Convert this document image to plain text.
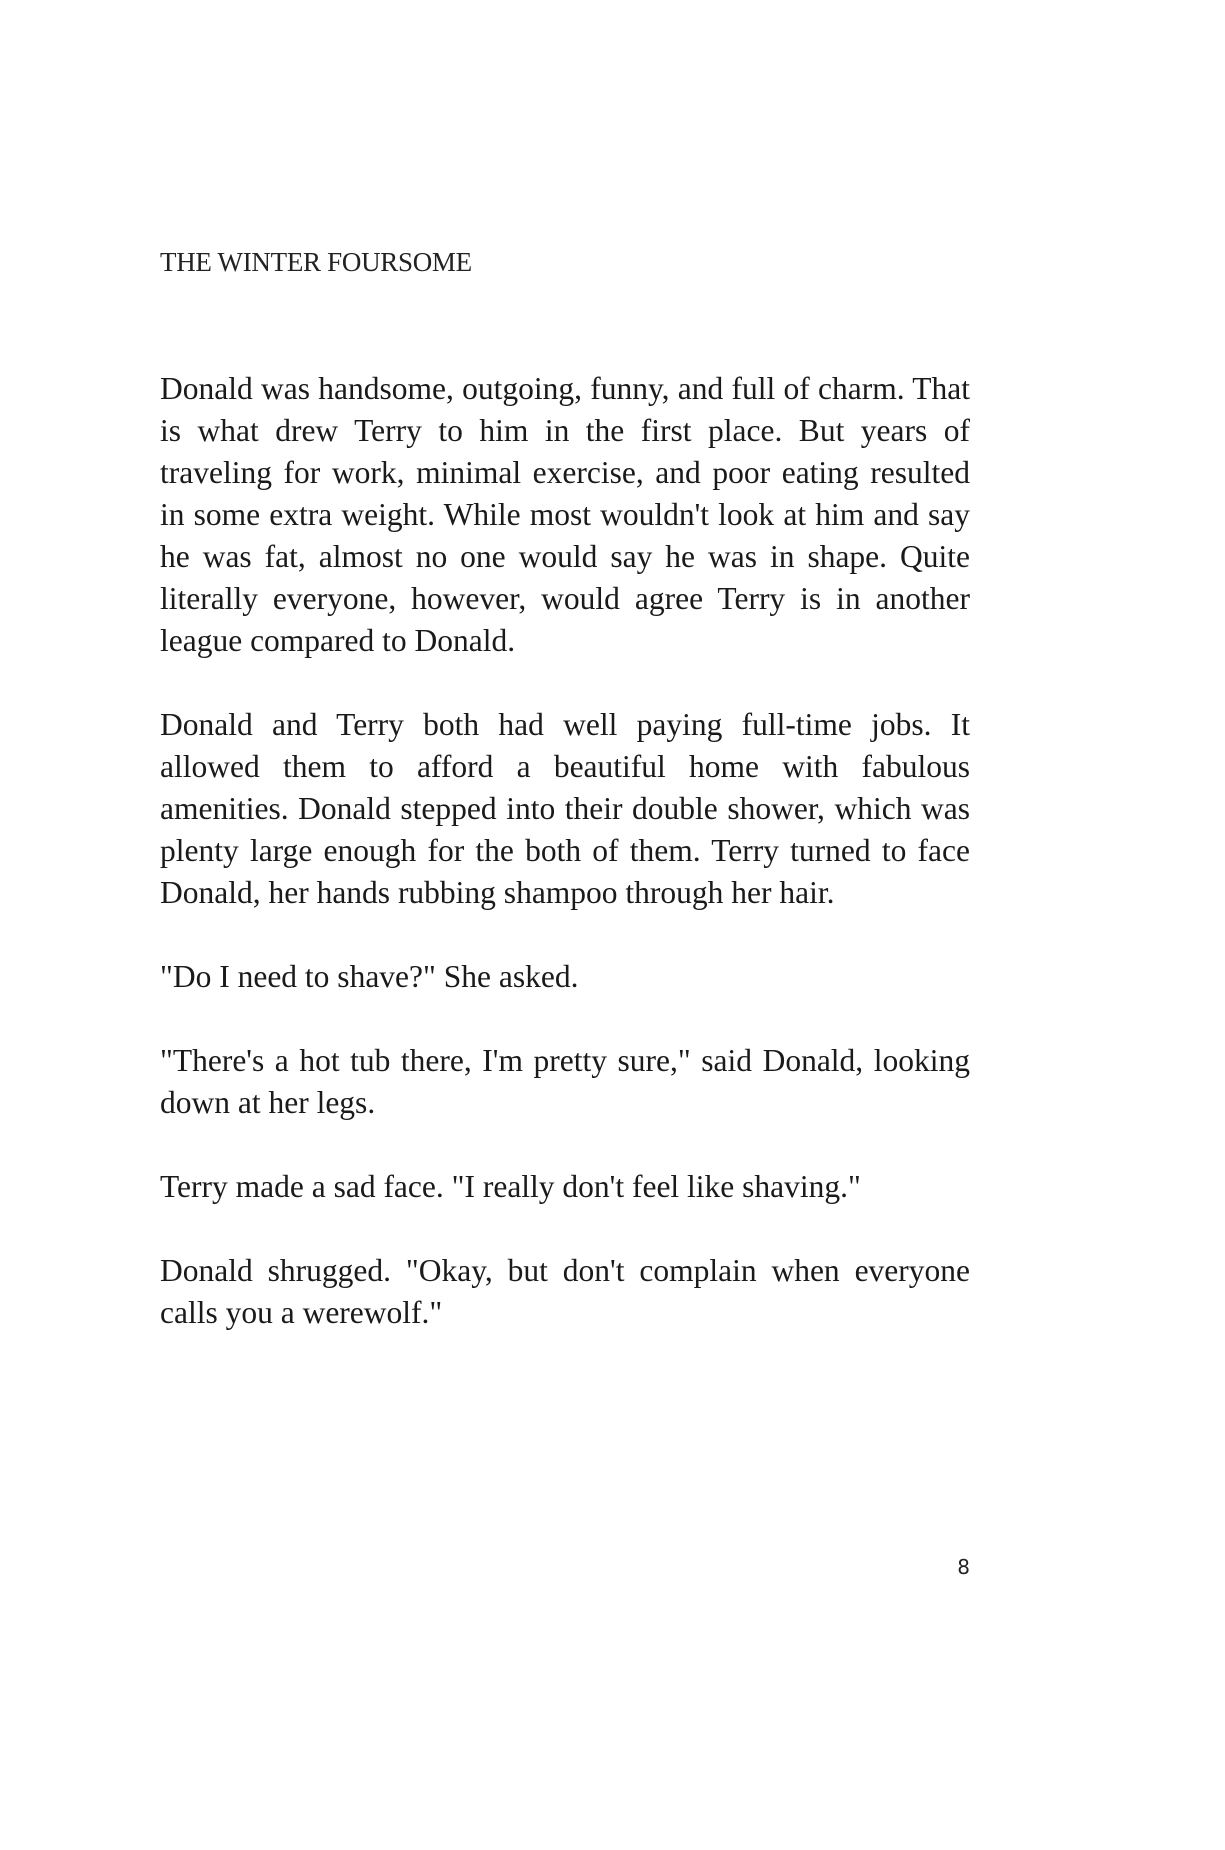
THE WINTER FOURSOME

Donald was handsome, outgoing, funny, and full of charm. That is what drew Terry to him in the first place. But years of traveling for work, minimal exercise, and poor eating resulted in some extra weight. While most wouldn't look at him and say he was fat, almost no one would say he was in shape. Quite literally everyone, however, would agree Terry is in another league compared to Donald.

Donald and Terry both had well paying full-time jobs. It allowed them to afford a beautiful home with fabulous amenities. Donald stepped into their double shower, which was plenty large enough for the both of them. Terry turned to face Donald, her hands rubbing shampoo through her hair.

"Do I need to shave?" She asked.

"There's a hot tub there, I'm pretty sure," said Donald, looking down at her legs.

Terry made a sad face. "I really don't feel like shaving."

Donald shrugged. "Okay, but don't complain when everyone calls you a werewolf."

8
